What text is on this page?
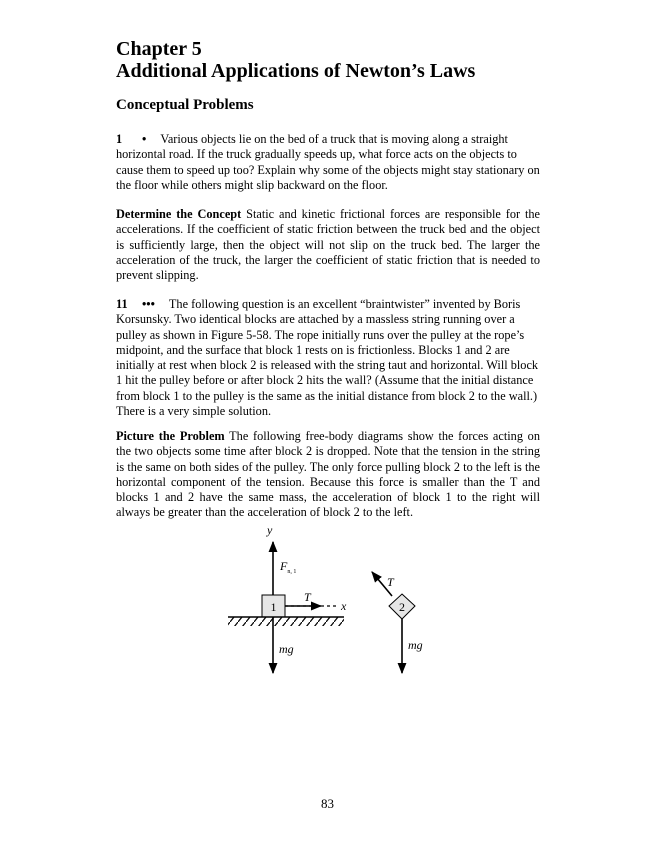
Chapter 5
Additional Applications of Newton’s Laws
Conceptual Problems

1 • Various objects lie on the bed of a truck that is moving along a straight horizontal road. If the truck gradually speeds up, what force acts on the objects to cause them to speed up too? Explain why some of the objects might stay stationary on the floor while others might slip backward on the floor.

Determine the Concept Static and kinetic frictional forces are responsible for the accelerations. If the coefficient of static friction between the truck bed and the object is sufficiently large, then the object will not slip on the truck bed. The larger the acceleration of the truck, the larger the coefficient of static friction that is needed to prevent slipping.

11 ••• The following question is an excellent “braintwister” invented by Boris Korsunsky. Two identical blocks are attached by a massless string running over a pulley as shown in Figure 5-58. The rope initially runs over the pulley at the rope’s midpoint, and the surface that block 1 rests on is frictionless. Blocks 1 and 2 are initially at rest when block 2 is released with the string taut and horizontal. Will block 1 hit the pulley before or after block 2 hits the wall? (Assume that the initial distance from block 1 to the pulley is the same as the initial distance from block 2 to the wall.) There is a very simple solution.

Picture the Problem The following free-body diagrams show the forces acting on the two objects some time after block 2 is dropped. Note that the tension in the string is the same on both sides of the pulley. The only force pulling block 2 to the left is the horizontal component of the tension. Because this force is smaller than the T and blocks 1 and 2 have the same mass, the acceleration of block 1 to the right will always be greater than the acceleration of block 2 to the left.

y
$F_{n, 1}$
x
T
1
mg
T
2
mg
83
